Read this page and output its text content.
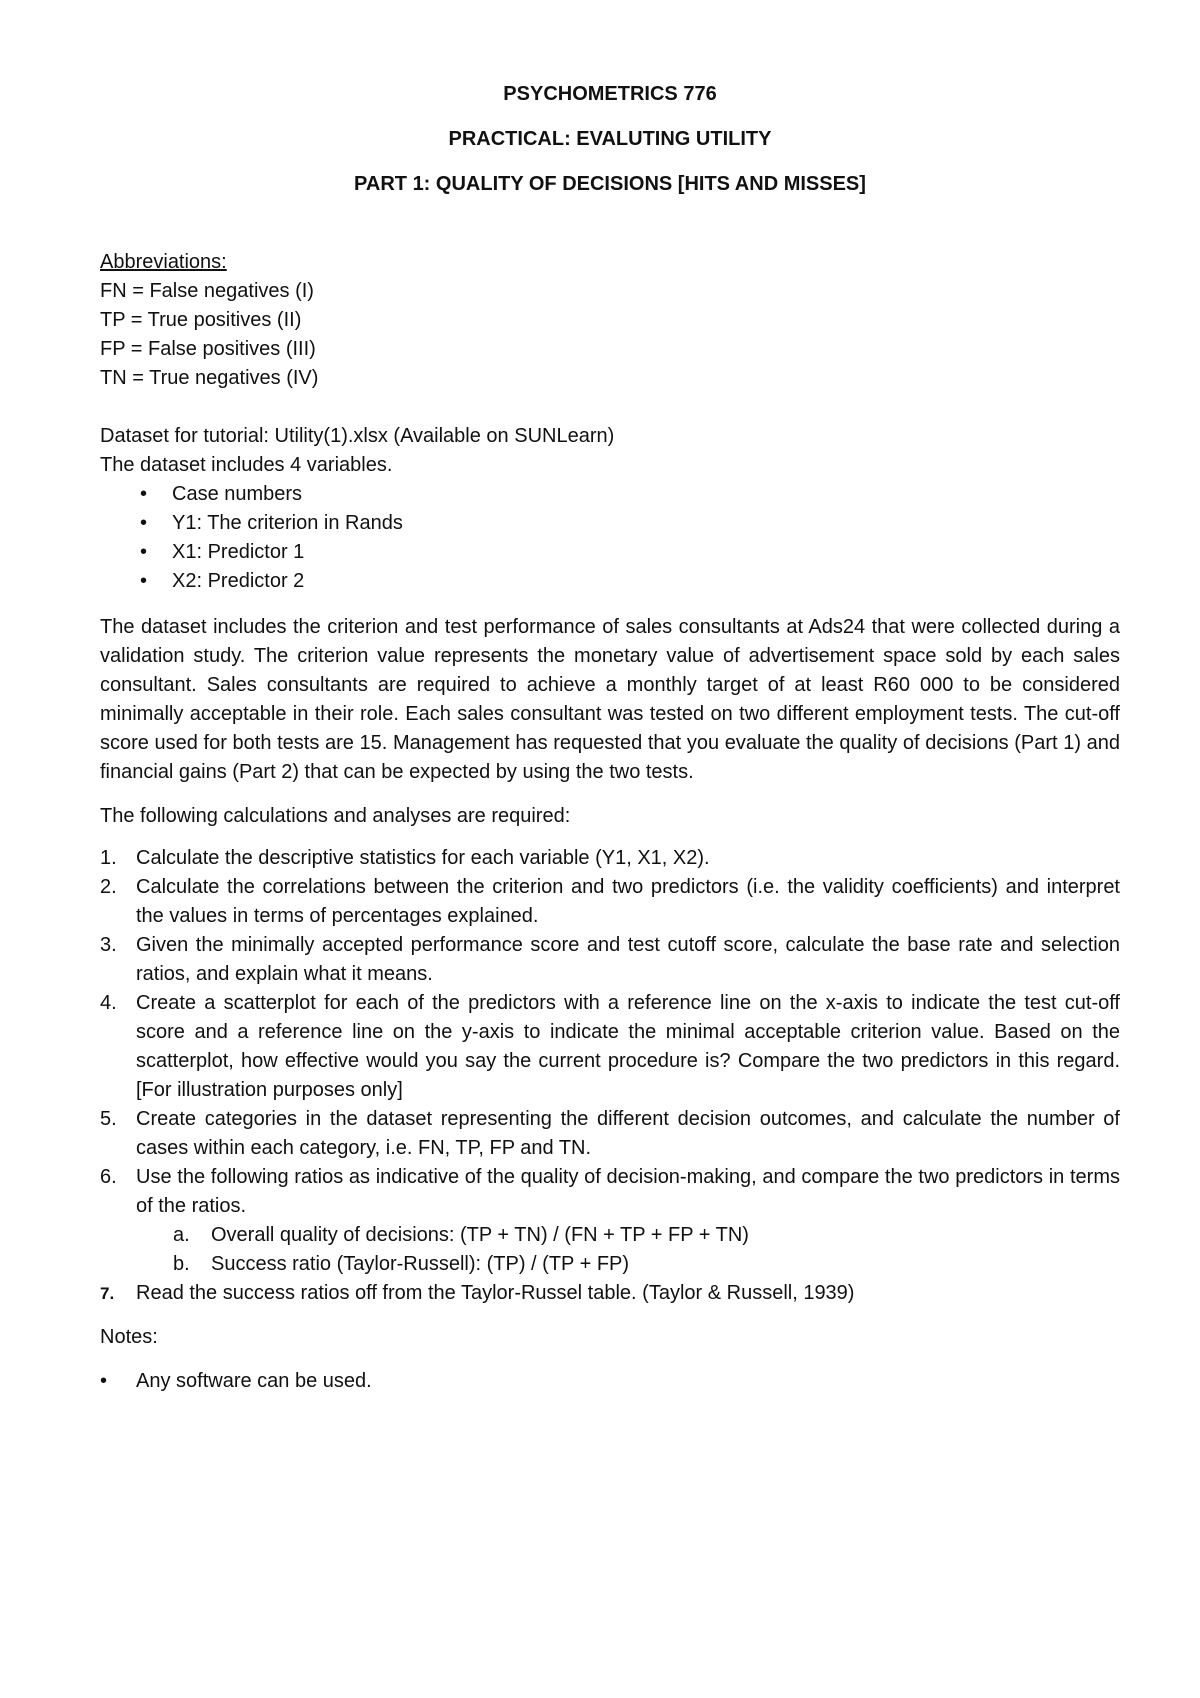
PSYCHOMETRICS 776
PRACTICAL: EVALUTING UTILITY
PART 1: QUALITY OF DECISIONS [HITS AND MISSES]
Abbreviations:
FN = False negatives (I)
TP = True positives (II)
FP = False positives (III)
TN = True negatives (IV)
Dataset for tutorial: Utility(1).xlsx (Available on SUNLearn)
The dataset includes 4 variables.
• Case numbers
• Y1: The criterion in Rands
• X1: Predictor 1
• X2: Predictor 2
The dataset includes the criterion and test performance of sales consultants at Ads24 that were collected during a validation study. The criterion value represents the monetary value of advertisement space sold by each sales consultant. Sales consultants are required to achieve a monthly target of at least R60 000 to be considered minimally acceptable in their role. Each sales consultant was tested on two different employment tests. The cut-off score used for both tests are 15. Management has requested that you evaluate the quality of decisions (Part 1) and financial gains (Part 2) that can be expected by using the two tests.
The following calculations and analyses are required:
1. Calculate the descriptive statistics for each variable (Y1, X1, X2).
2. Calculate the correlations between the criterion and two predictors (i.e. the validity coefficients) and interpret the values in terms of percentages explained.
3. Given the minimally accepted performance score and test cutoff score, calculate the base rate and selection ratios, and explain what it means.
4. Create a scatterplot for each of the predictors with a reference line on the x-axis to indicate the test cut-off score and a reference line on the y-axis to indicate the minimal acceptable criterion value. Based on the scatterplot, how effective would you say the current procedure is? Compare the two predictors in this regard. [For illustration purposes only]
5. Create categories in the dataset representing the different decision outcomes, and calculate the number of cases within each category, i.e. FN, TP, FP and TN.
6. Use the following ratios as indicative of the quality of decision-making, and compare the two predictors in terms of the ratios.
a. Overall quality of decisions: (TP + TN) / (FN + TP + FP + TN)
b. Success ratio (Taylor-Russell): (TP) / (TP + FP)
7. Read the success ratios off from the Taylor-Russel table. (Taylor & Russell, 1939)
Notes:
• Any software can be used.
